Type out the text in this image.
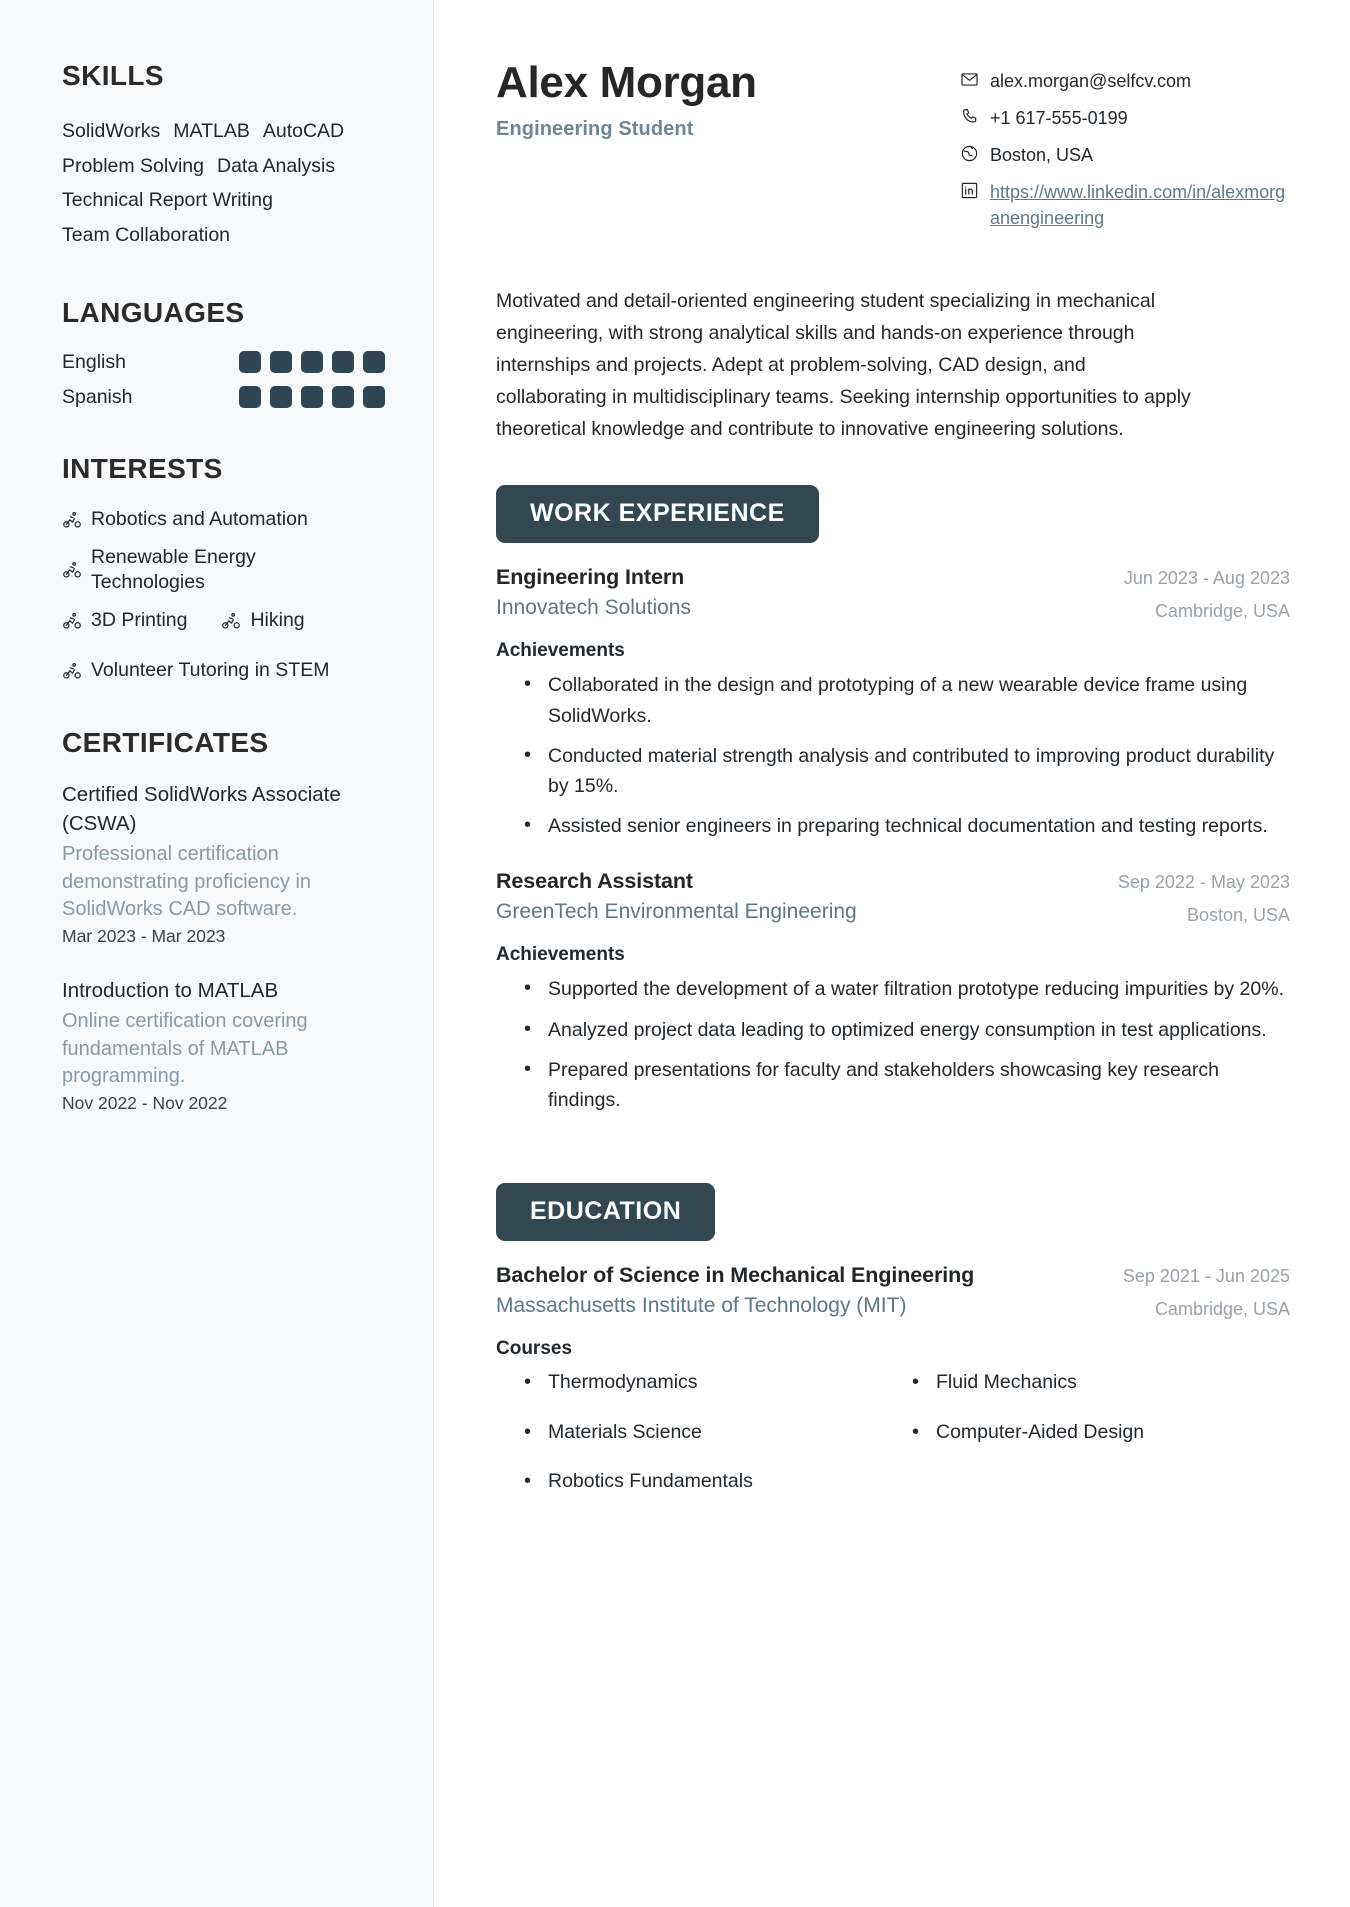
SKILLS
SolidWorks MATLAB AutoCAD
Problem Solving Data Analysis
Technical Report Writing
Team Collaboration
LANGUAGES
English
Spanish
INTERESTS
Robotics and Automation
Renewable Energy Technologies
3D Printing	Hiking
Volunteer Tutoring in STEM
CERTIFICATES
Certified SolidWorks Associate (CSWA)
Professional certification demonstrating proficiency in SolidWorks CAD software.
Mar 2023 - Mar 2023
Introduction to MATLAB
Online certification covering fundamentals of MATLAB programming.
Nov 2022 - Nov 2022
Alex Morgan
Engineering Student
alex.morgan@selfcv.com
+1 617-555-0199
Boston, USA
https://www.linkedin.com/in/alexmorganengineering

Motivated and detail-oriented engineering student specializing in mechanical engineering, with strong analytical skills and hands-on experience through internships and projects. Adept at problem-solving, CAD design, and collaborating in multidisciplinary teams. Seeking internship opportunities to apply theoretical knowledge and contribute to innovative engineering solutions.

WORK EXPERIENCE
Engineering Intern
Innovatech Solutions
Jun 2023 - Aug 2023
Cambridge, USA
Achievements
• Collaborated in the design and prototyping of a new wearable device frame using SolidWorks.
• Conducted material strength analysis and contributed to improving product durability by 15%.
• Assisted senior engineers in preparing technical documentation and testing reports.
Research Assistant
GreenTech Environmental Engineering
Sep 2022 - May 2023
Boston, USA
Achievements
• Supported the development of a water filtration prototype reducing impurities by 20%.
• Analyzed project data leading to optimized energy consumption in test applications.
• Prepared presentations for faculty and stakeholders showcasing key research findings.
EDUCATION
Bachelor of Science in Mechanical Engineering
Massachusetts Institute of Technology (MIT)
Sep 2021 - Jun 2025
Cambridge, USA
Courses
• Thermodynamics	• Fluid Mechanics
• Materials Science	• Computer-Aided Design
• Robotics Fundamentals
